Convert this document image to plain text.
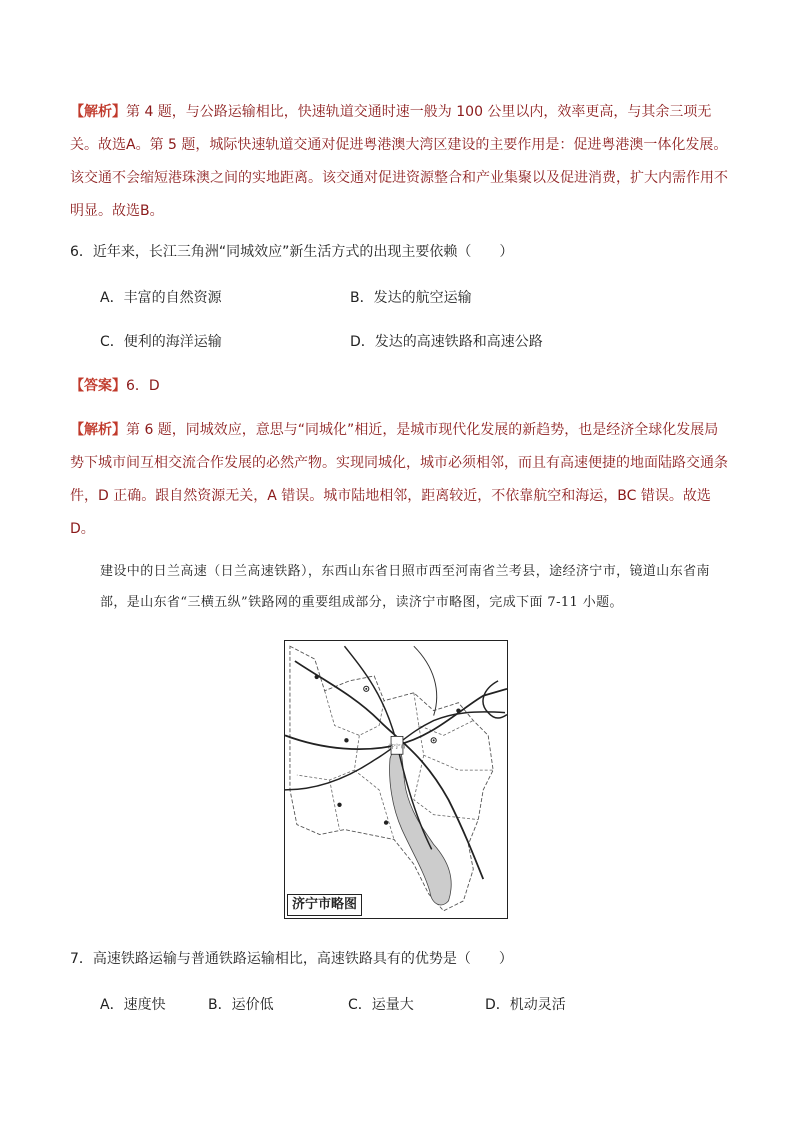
【解析】第 4 题，与公路运输相比，快速轨道交通时速一般为 100 公里以内，效率更高，与其余三项无关。故选A。第 5 题，城际快速轨道交通对促进粤港澳大湾区建设的主要作用是：促进粤港澳一体化发展。该交通不会缩短港珠澳之间的实地距离。该交通对促进资源整合和产业集聚以及促进消费，扩大内需作用不明显。故选B。

6．近年来，长江三角洲“同城效应”新生活方式的出现主要依赖（　　）

A．丰富的自然资源	B．发达的航空运输
C．便利的海洋运输	D．发达的高速铁路和高速公路

【答案】6．D

【解析】第 6 题，同城效应，意思与“同城化”相近，是城市现代化发展的新趋势，也是经济全球化发展局势下城市间互相交流合作发展的必然产物。实现同城化，城市必须相邻，而且有高速便捷的地面陆路交通条件，D 正确。跟自然资源无关，A 错误。城市陆地相邻，距离较近，不依靠航空和海运，BC 错误。故选D。

建设中的日兰高速（日兰高速铁路），东西山东省日照市西至河南省兰考县，途经济宁市，镜道山东省南部，是山东省“三横五纵”铁路网的重要组成部分，读济宁市略图，完成下面 7-11 小题。
济宁市
济宁市略图

7．高速铁路运输与普通铁路运输相比，高速铁路具有的优势是（　　）

A．速度快	B．运价低	C．运量大	D．机动灵活
